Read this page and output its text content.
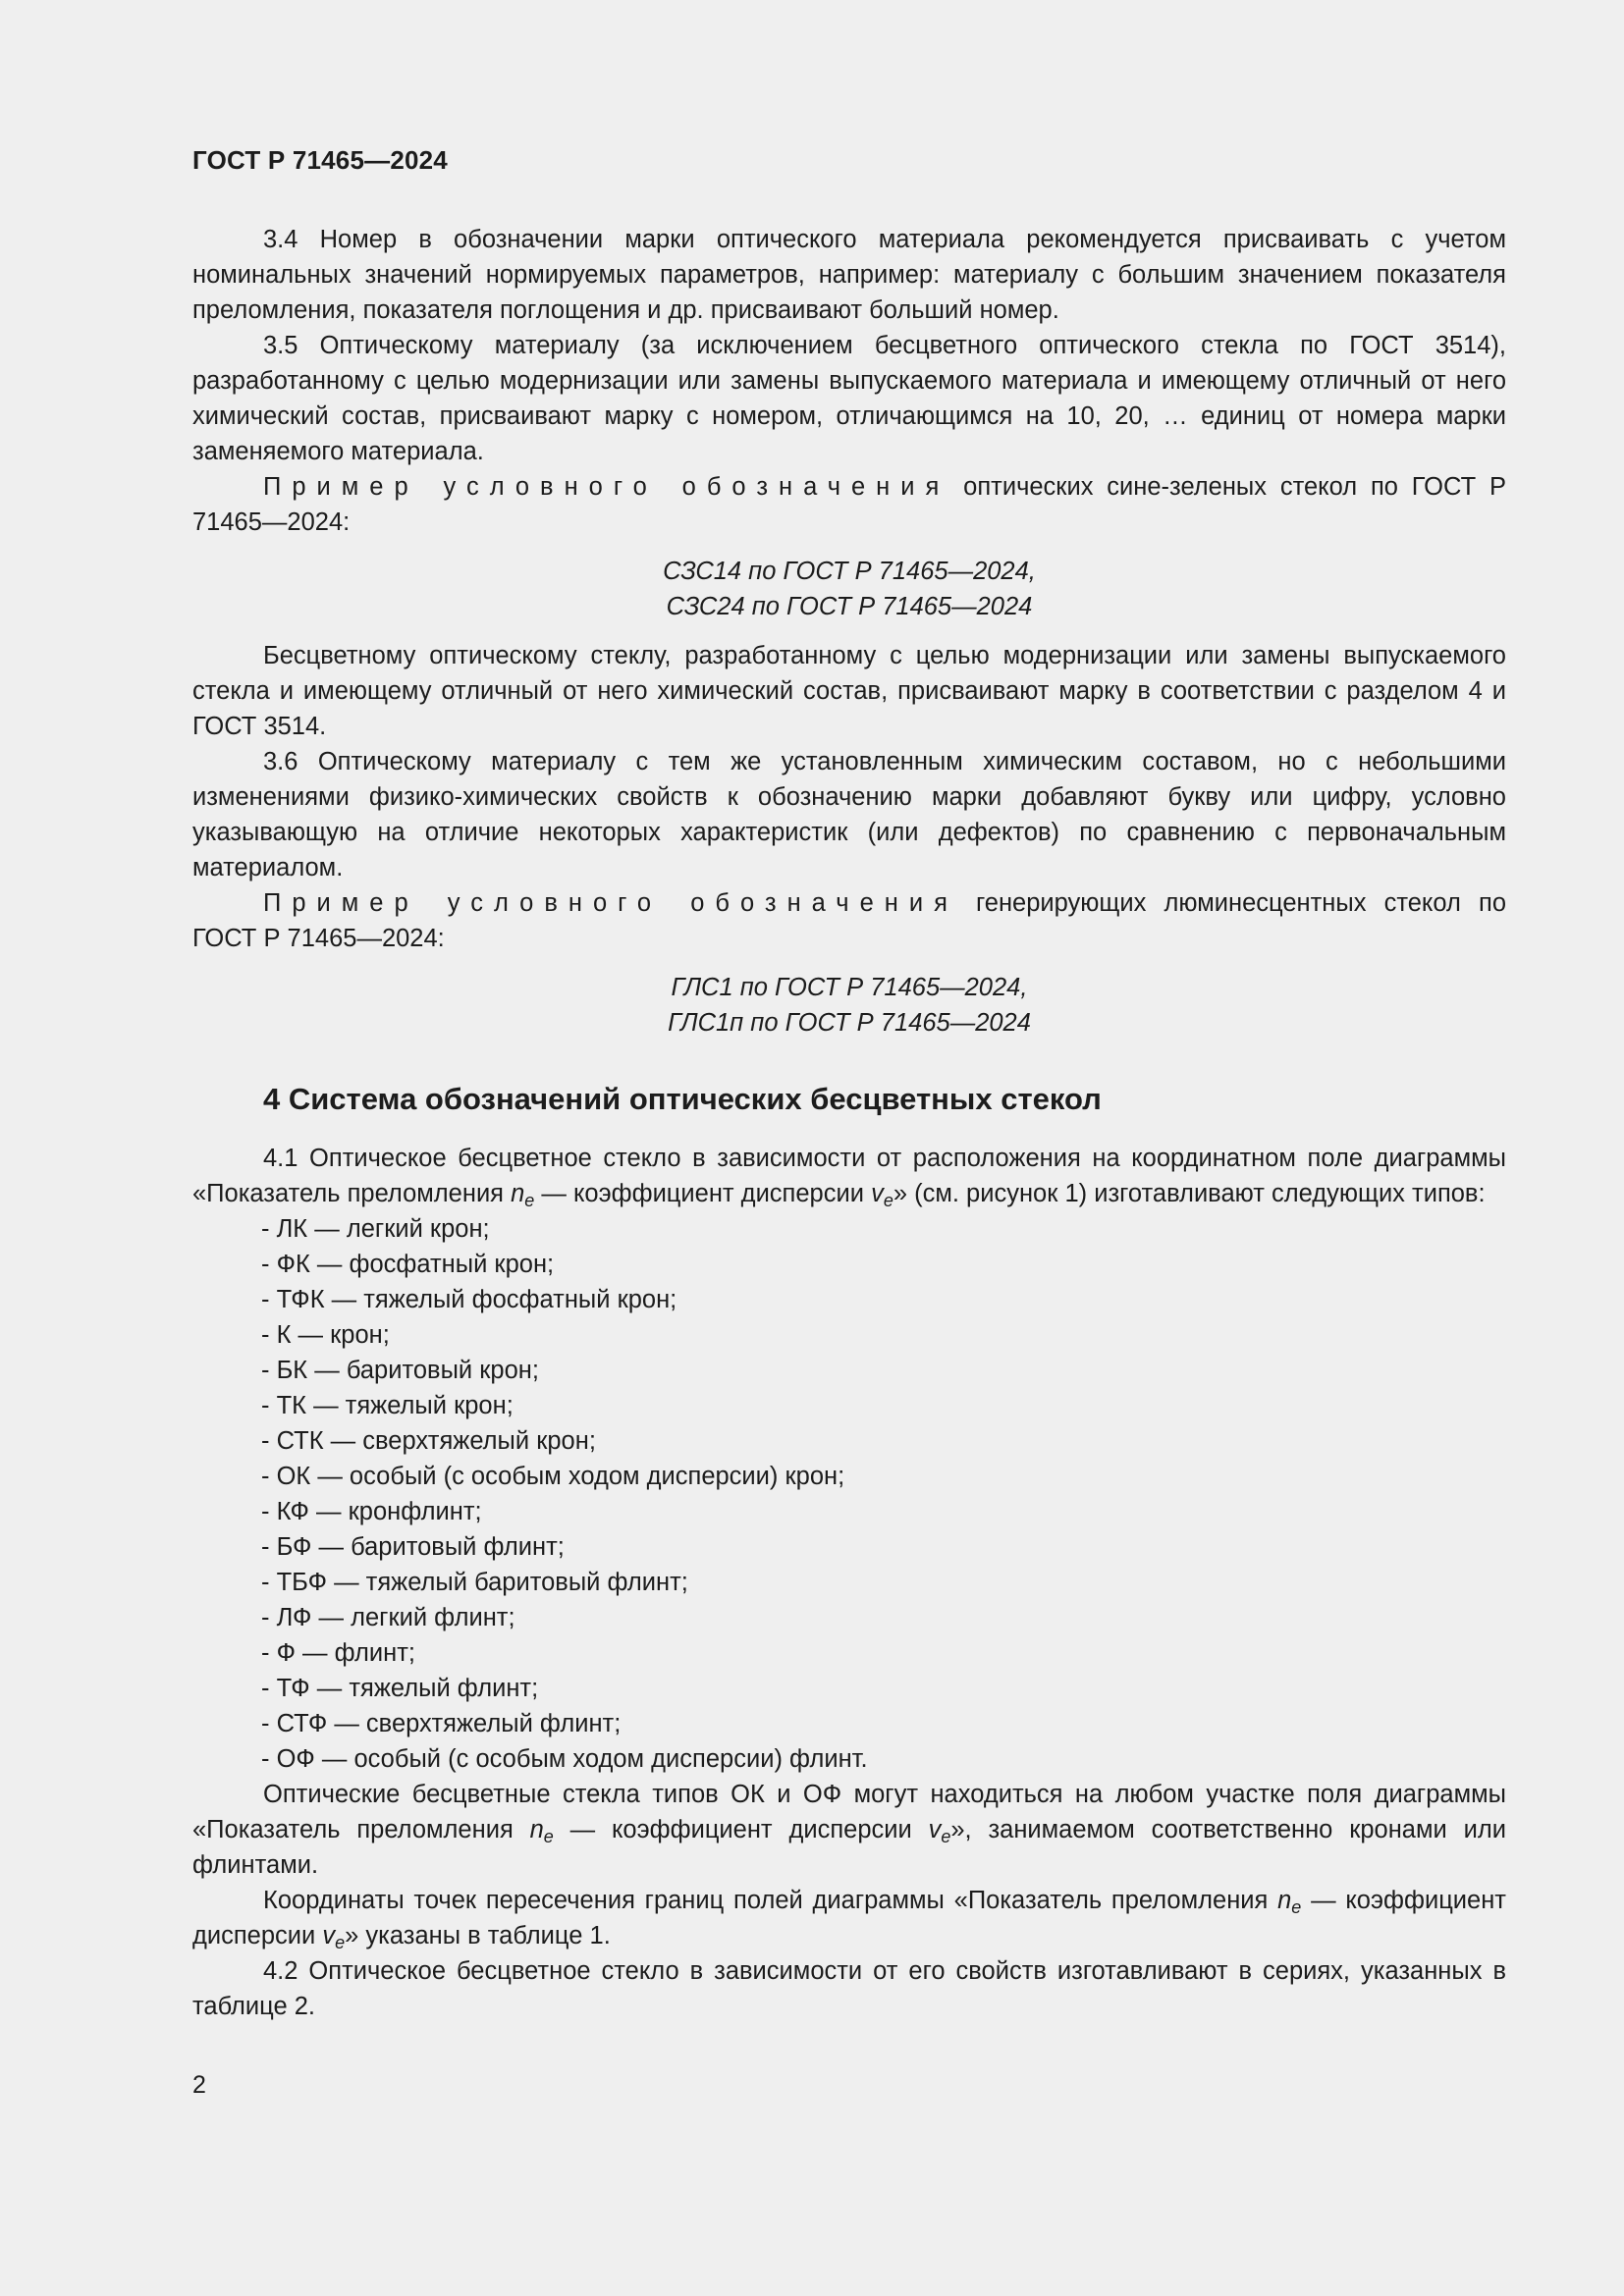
ГОСТ Р 71465—2024

3.4 Номер в обозначении марки оптического материала рекомендуется присваивать с учетом номинальных значений нормируемых параметров, например: материалу с большим значением показателя преломления, показателя поглощения и др. присваивают больший номер.

3.5 Оптическому материалу (за исключением бесцветного оптического стекла по ГОСТ 3514), разработанному с целью модернизации или замены выпускаемого материала и имеющему отличный от него химический состав, присваивают марку с номером, отличающимся на 10, 20, … единиц от номера марки заменяемого материала.

Пример условного обозначения оптических сине-зеленых стекол по ГОСТ Р 71465—2024:

СЗС14 по ГОСТ Р 71465—2024,
СЗС24 по ГОСТ Р 71465—2024

Бесцветному оптическому стеклу, разработанному с целью модернизации или замены выпускаемого стекла и имеющему отличный от него химический состав, присваивают марку в соответствии с разделом 4 и ГОСТ 3514.

3.6 Оптическому материалу с тем же установленным химическим составом, но с небольшими изменениями физико-химических свойств к обозначению марки добавляют букву или цифру, условно указывающую на отличие некоторых характеристик (или дефектов) по сравнению с первоначальным материалом.

Пример условного обозначения генерирующих люминесцентных стекол по ГОСТ Р 71465—2024:

ГЛС1 по ГОСТ Р 71465—2024,
ГЛС1п по ГОСТ Р 71465—2024
4 Система обозначений оптических бесцветных стекол

4.1 Оптическое бесцветное стекло в зависимости от расположения на координатном поле диаграммы «Показатель преломления $n_e$ — коэффициент дисперсии $v_e$» (см. рисунок 1) изготавливают следующих типов:

- ЛК — легкий крон;
- ФК — фосфатный крон;
- ТФК — тяжелый фосфатный крон;
- К — крон;
- БК — баритовый крон;
- ТК — тяжелый крон;
- СТК — сверхтяжелый крон;
- ОК — особый (с особым ходом дисперсии) крон;
- КФ — кронфлинт;
- БФ — баритовый флинт;
- ТБФ — тяжелый баритовый флинт;
- ЛФ — легкий флинт;
- Ф — флинт;
- ТФ — тяжелый флинт;
- СТФ — сверхтяжелый флинт;
- ОФ — особый (с особым ходом дисперсии) флинт.

Оптические бесцветные стекла типов ОК и ОФ могут находиться на любом участке поля диаграммы «Показатель преломления $n_e$ — коэффициент дисперсии $v_e$», занимаемом соответственно кронами или флинтами.

Координаты точек пересечения границ полей диаграммы «Показатель преломления $n_e$ — коэффициент дисперсии $v_e$» указаны в таблице 1.

4.2 Оптическое бесцветное стекло в зависимости от его свойств изготавливают в сериях, указанных в таблице 2.

2
